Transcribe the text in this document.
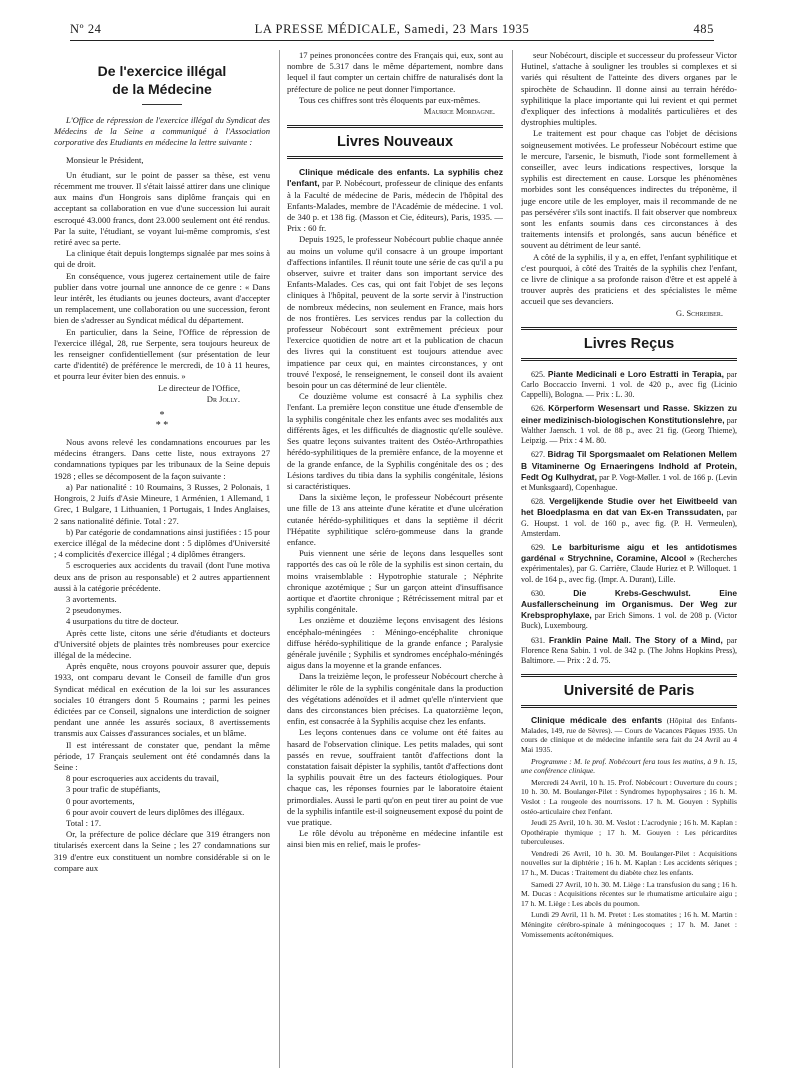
Nº 24	LA PRESSE MÉDICALE, Samedi, 23 Mars 1935	485
De l'exercice illégal
de la Médecine

L'Office de répression de l'exercice illégal du Syndicat des Médecins de la Seine a communiqué à l'Association corporative des Etudiants en médecine la lettre suivante :

Monsieur le Président,

Un étudiant, sur le point de passer sa thèse, est venu récemment me trouver. Il s'était laissé attirer dans une clinique aux mains d'un Hongrois sans diplôme français qui en acceptant sa collaboration en vue d'une succession lui aurait escroqué 43.000 francs, dont 23.000 seulement ont été rendus. Par la suite, l'étudiant, se voyant lui-même compromis, s'est retiré avec sa perte.

La clinique était depuis longtemps signalée par mes soins à qui de droit.

En conséquence, vous jugerez certainement utile de faire publier dans votre journal une annonce de ce genre : « Dans leur intérêt, les étudiants ou jeunes docteurs, avant d'accepter un remplacement, une collaboration ou une succession, feront bien de s'adresser au Syndicat médical du département.

En particulier, dans la Seine, l'Office de répression de l'exercice illégal, 28, rue Serpente, sera toujours heureux de les renseigner confidentiellement (sur présentation de leur carte d'identité) de préférence le mercredi, de 10 à 11 heures, et pourra leur éviter bien des ennuis. »

Le directeur de l'Office,
Dr Jolly.
*
* *

Nous avons relevé les condamnations encourues par les médecins étrangers. Dans cette liste, nous extrayons 27 condamnations typiques par les tribunaux de la Seine depuis 1928 ; elles se décomposent de la façon suivante :

a) Par nationalité : 10 Roumains, 3 Russes, 2 Polonais, 1 Hongrois, 2 Juifs d'Asie Mineure, 1 Arménien, 1 Allemand, 1 Grec, 1 Bulgare, 1 Lithuanien, 1 Portugais, 1 Indes Anglaises, 2 sans nationalité définie. Total : 27.

b) Par catégorie de condamnations ainsi justifiées : 15 pour exercice illégal de la médecine dont : 5 diplômes d'Université ; 4 complicités d'exercice illégal ; 4 diplômes étrangers.

5 escroqueries aux accidents du travail (dont l'une motiva deux ans de prison au responsable) et 2 autres appartiennent aussi à la catégorie précédente.

3 avortements.

2 pseudonymes.

4 usurpations du titre de docteur.

Après cette liste, citons une série d'étudiants et docteurs d'Université objets de plaintes très nombreuses pour exercice illégal de la médecine.

Après enquête, nous croyons pouvoir assurer que, depuis 1933, ont comparu devant le Conseil de famille d'un gros Syndicat médical en exécution de la loi sur les assurances sociales 10 étrangers dont 5 Roumains ; parmi les peines édictées par ce Conseil, signalons une interdiction de soigner pendant une année les assurés sociaux, 8 avertissements transmis aux Caisses d'assurances sociales, et un blâme.

Il est intéressant de constater que, pendant la même période, 17 Français seulement ont été condamnés dans la Seine :

8 pour escroqueries aux accidents du travail,

3 pour trafic de stupéfiants,

0 pour avortements,

6 pour avoir couvert de leurs diplômes des illégaux.

Total : 17.

Or, la préfecture de police déclare que 319 étrangers non titularisés exercent dans la Seine ; les 27 condamnations sur 319 d'entre eux constituent un nombre considérable si on le compare aux

17 peines prononcées contre des Français qui, eux, sont au nombre de 5.317 dans le même département, nombre dans lequel il faut compter un certain chiffre de naturalisés dont la préfecture de police ne peut donner l'importance.

Tous ces chiffres sont très éloquents par eux-mêmes.

Maurice Mordagne.
Livres Nouveaux

Clinique médicale des enfants. La syphilis chez l'enfant, par P. Nobécourt, professeur de clinique des enfants à la Faculté de médecine de Paris, médecin de l'hôpital des Enfants-Malades, membre de l'Académie de médecine. 1 vol. de 340 p. et 138 fig. (Masson et Cie, éditeurs), Paris, 1935. — Prix : 60 fr.

Depuis 1925, le professeur Nobécourt publie chaque année au moins un volume qu'il consacre à un groupe important d'affections infantiles. Il réunit toute une série de cas qu'il a pu observer, suivre et traiter dans son important service des Enfants-Malades. Ces cas, qui ont fait l'objet de ses leçons cliniques à l'hôpital, peuvent de la sorte servir à l'instruction de nombreux médecins, non seulement en France, mais hors de nos frontières. Les services rendus par la collection du professeur Nobécourt sont extrêmement précieux pour l'exercice quotidien de notre art et la publication de chacun des livres qui la constituent est toujours attendue avec impatience par ceux qui, en maintes circonstances, y ont trouvé l'exposé, le renseignement, le conseil dont ils avaient besoin pour un cas déterminé de leur clientèle.

Ce douzième volume est consacré à La syphilis chez l'enfant. La première leçon constitue une étude d'ensemble de la syphilis congénitale chez les enfants avec ses modalités aux différents âges, et les difficultés de diagnostic qu'elle soulève. Ses quatre leçons suivantes traitent des Ostéo-Arthropathies hérédo-syphilitiques de la première enfance, de la moyenne et de la grande enfance, de la Syphilis congénitale des os ; des Lésions tardives du tibia dans la syphilis congénitale, lésions si caractéristiques.

Dans la sixième leçon, le professeur Nobécourt présente une fille de 13 ans atteinte d'une kératite et d'une ulcération cutanée hérédo-syphilitiques et dans la septième il décrit l'Hépatite syphilitique scléro-gommeuse dans la grande enfance.

Puis viennent une série de leçons dans lesquelles sont rapportés des cas où le rôle de la syphilis est sinon certain, du moins vraisemblable : Hypotrophie staturale ; Néphrite chronique azotémique ; Sur un garçon atteint d'insuffisance aortique et d'aortite chronique ; Rétrécissement mitral par et syphilis congénitale.

Les onzième et douzième leçons envisagent des lésions encéphalo-méningées : Méningo-encéphalite chronique diffuse hérédo-syphilitique de la grande enfance ; Paralysie générale juvénile ; Syphilis et syndromes encéphalo-méningés aigus dans la moyenne et la grande enfances.

Dans la treizième leçon, le professeur Nobécourt cherche à délimiter le rôle de la syphilis congénitale dans la production des végétations adénoïdes et il admet qu'elle n'intervient que dans des circonstances bien précises. La quatorzième leçon, enfin, est consacrée à la Syphilis acquise chez les enfants.

Les leçons contenues dans ce volume ont été faites au hasard de l'observation clinique. Les petits malades, qui sont passés en revue, souffraient tantôt d'affections dont la constatation faisait dépister la syphilis, tantôt d'affections dont la syphilis pouvait être un des facteurs étiologiques. Pour chaque cas, les réponses fournies par le laboratoire étaient primordiales. Aussi le parti qu'on en peut tirer au point de vue de la syphilis infantile est-il soigneusement exposé du point de vue pratique.

Le rôle dévolu au tréponème en médecine infantile est ainsi bien mis en relief, mais le profes-

seur Nobécourt, disciple et successeur du professeur Victor Hutinel, s'attache à souligner les troubles si complexes et si variés qui résultent de l'atteinte des divers organes par le spirochète de Schaudinn. Il donne ainsi au terrain hérédo-syphilitique la place importante qui lui revient et qui permet d'expliquer des infections à modalités particulières et des dystrophies multiples.

Le traitement est pour chaque cas l'objet de décisions soigneusement motivées. Le professeur Nobécourt estime que le mercure, l'arsenic, le bismuth, l'iode sont formellement à conseiller, avec leurs indications respectives, lorsque la syphilis est directement en cause. Lorsque les phénomènes morbides sont les conséquences indirectes du tréponème, il juge encore utile de les employer, mais il recommande de ne pas persévérer s'ils sont inactifs. Il fait observer que nombreux sont les enfants soumis dans ces circonstances à des traitements intensifs et prolongés, sans aucun bénéfice et souvent au détriment de leur santé.

A côté de la syphilis, il y a, en effet, l'enfant syphilitique et c'est pourquoi, à côté des Traités de la syphilis chez l'enfant, ce livre de clinique a sa profonde raison d'être et est appelé à trouver auprès des praticiens et des spécialistes le même accueil que ses devanciers.

G. Schreiber.
Livres Reçus
625. Piante Medicinali e Loro Estratti in Terapia, par Carlo Boccaccio Inverni. 1 vol. de 420 p., avec fig (Licinio Cappelli), Bologna. — Prix : L. 30.
626. Körperform Wesensart und Rasse. Skizzen zu einer medizinisch-biologischen Konstitutionslehre, par Walther Jaensch. 1 vol. de 88 p., avec 21 fig. (Georg Thieme), Leipzig. — Prix : 4 M. 80.
627. Bidrag Til Sporgsmaalet om Relationen Mellem B Vitaminerne Og Ernaeringens Indhold af Protein, Fedt Og Kulhydrat, par P. Vogt-Møller. 1 vol. de 166 p. (Levin et Munksgaard), Copenhague.
628. Vergelijkende Studie over het Eiwitbeeld van het Bloedplasma en dat van Ex-en Transsudaten, par G. Houpst. 1 vol. de 160 p., avec fig. (P. H. Vermeulen), Amsterdam.
629. Le barbiturisme aigu et les antidotismes gardénal « Strychnine, Coramine, Alcool » (Recherches expérimentales), par G. Carrière, Claude Huriez et P. Willoquet. 1 vol. de 164 p., avec fig. (Impr. A. Durant), Lille.
630.	Die Krebs-Geschwulst. Eine Ausfallerscheinung im Organismus. Der Weg zur Krebsprophylaxe, par Erich Simons. 1 vol. de 208 p. (Victor Buck), Luxembourg.
631. Franklin Paine Mall. The Story of a Mind, par Florence Rena Sabin. 1 vol. de 342 p. (The Johns Hopkins Press), Baltimore. — Prix : 2 d. 75.
Université de Paris

Clinique médicale des enfants (Hôpital des Enfants-Malades, 149, rue de Sèvres). — Cours de Vacances Pâques 1935. Un cours de clinique et de médecine infantile sera fait du 24 Avril au 4 Mai 1935.

Programme : M. le prof. Nobécourt fera tous les matins, à 9 h. 15, une conférence clinique.

Mercredi 24 Avril, 10 h. 15. Prof. Nobécourt : Ouverture du cours ; 10 h. 30. M. Boulanger-Pilet : Syndromes hypophysaires ; 16 h. M. Veslot : La rougeole des nourrissons. 17 h. M. Gouyen : Syphilis ostéo-articulaire chez l'enfant.

Jeudi 25 Avril, 10 h. 30. M. Veslot : L'acrodynie ; 16 h. M. Kaplan : Opothérapie thymique ; 17 h. M. Gouyen : Les péricardites tuberculeuses.

Vendredi 26 Avril, 10 h. 30. M. Boulanger-Pilet : Acquisitions nouvelles sur la diphtérie ; 16 h. M. Kaplan : Les accidents sériques ; 17 h., M. Ducas : Traitement du diabète chez les enfants.

Samedi 27 Avril, 10 h. 30. M. Liège : La transfusion du sang ; 16 h. M. Ducas : Acquisitions récentes sur le rhumatisme articulaire aigu ; 17 h. M. Liège : Les abcès du poumon.

Lundi 29 Avril, 11 h. M. Pretet : Les stomatites ; 16 h. M. Martin : Méningite cérébro-spinale à méningocoques ; 17 h. M. Janet : Vomissements acétonémiques.
